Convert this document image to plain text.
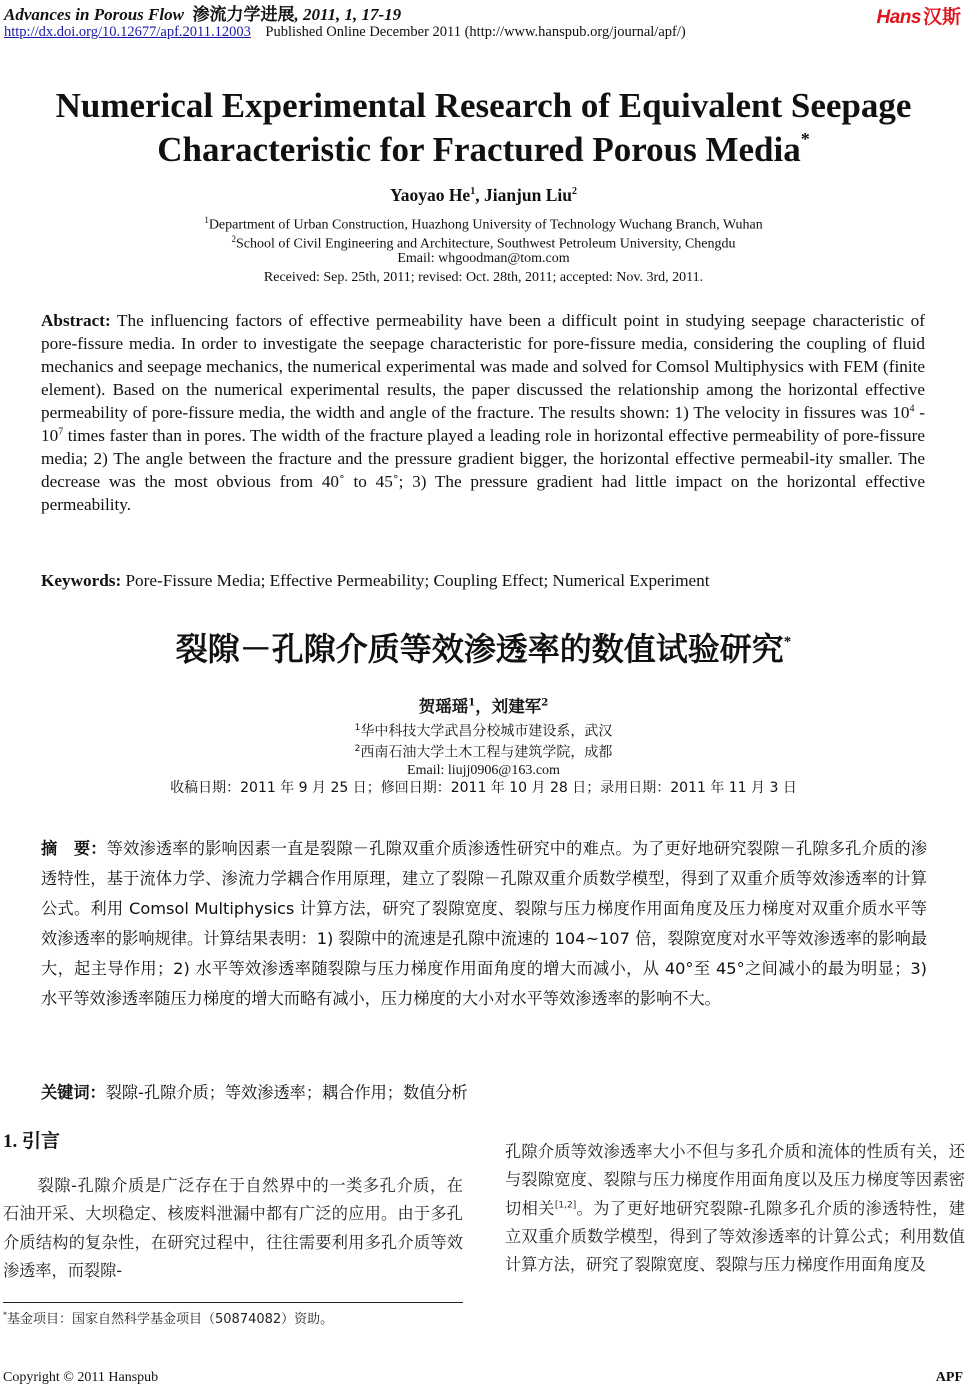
Advances in Porous Flow 渗流力学进展, 2011, 1, 17-19
http://dx.doi.org/10.12677/apf.2011.12003 Published Online December 2011 (http://www.hanspub.org/journal/apf/)
Hans 汉斯
Numerical Experimental Research of Equivalent Seepage
Characteristic for Fractured Porous Media*
Yaoyao He$^1$, Jianjun Liu$^2$
$^1$Department of Urban Construction, Huazhong University of Technology Wuchang Branch, Wuhan
$^2$School of Civil Engineering and Architecture, Southwest Petroleum University, Chengdu
Email: whgoodman@tom.com
Received: Sep. 25th, 2011; revised: Oct. 28th, 2011; accepted: Nov. 3rd, 2011.
Abstract: The influencing factors of effective permeability have been a difficult point in studying seepage characteristic of pore-fissure media. In order to investigate the seepage characteristic for pore-fissure media, considering the coupling of fluid mechanics and seepage mechanics, the numerical experimental was made and solved for Comsol Multiphysics with FEM (finite element). Based on the numerical experimental results, the paper discussed the relationship among the horizontal effective permeability of pore-fissure media, the width and angle of the fracture. The results shown: 1) The velocity in fissures was $10^4 - 10^7$ times faster than in pores. The width of the fracture played a leading role in horizontal effective permeability of pore-fissure media; 2) The angle between the fracture and the pressure gradient bigger, the horizontal effective permeabil-ity smaller. The decrease was the most obvious from 40˚ to 45˚; 3) The pressure gradient had little impact on the horizontal effective permeability.
Keywords: Pore-Fissure Media; Effective Permeability; Coupling Effect; Numerical Experiment
裂隙－孔隙介质等效渗透率的数值试验研究*
贺瑶瑶$^1$，刘建军$^2$
$^1$华中科技大学武昌分校城市建设系，武汉
$^2$西南石油大学土木工程与建筑学院，成都
Email: liujj0906@163.com
收稿日期：2011 年 9 月 25 日；修回日期：2011 年 10 月 28 日；录用日期：2011 年 11 月 3 日
摘　要：等效渗透率的影响因素一直是裂隙－孔隙双重介质渗透性研究中的难点。为了更好地研究裂隙－孔隙多孔介质的渗透特性，基于流体力学、渗流力学耦合作用原理，建立了裂隙－孔隙双重介质数学模型，得到了双重介质等效渗透率的计算公式。利用 Comsol Multiphysics 计算方法，研究了裂隙宽度、裂隙与压力梯度作用面角度及压力梯度对双重介质水平等效渗透率的影响规律。计算结果表明：1) 裂隙中的流速是孔隙中流速的 104~107 倍，裂隙宽度对水平等效渗透率的影响最大，起主导作用；2) 水平等效渗透率随裂隙与压力梯度作用面角度的增大而减小，从 40°至 45°之间减小的最为明显；3) 水平等效渗透率随压力梯度的增大而略有减小，压力梯度的大小对水平等效渗透率的影响不大。
关键词：裂隙-孔隙介质；等效渗透率；耦合作用；数值分析
1. 引言
裂隙-孔隙介质是广泛存在于自然界中的一类多孔介质，在石油开采、大坝稳定、核废料泄漏中都有广泛的应用。由于多孔介质结构的复杂性，在研究过程中，往往需要利用多孔介质等效渗透率，而裂隙-
*基金项目：国家自然科学基金项目（50874082）资助。
孔隙介质等效渗透率大小不但与多孔介质和流体的性质有关，还与裂隙宽度、裂隙与压力梯度作用面角度以及压力梯度等因素密切相关[1,2]。为了更好地研究裂隙-孔隙多孔介质的渗透特性，建立双重介质数学模型，得到了等效渗透率的计算公式；利用数值计算方法，研究了裂隙宽度、裂隙与压力梯度作用面角度及
Copyright © 2011 Hanspub	APF
